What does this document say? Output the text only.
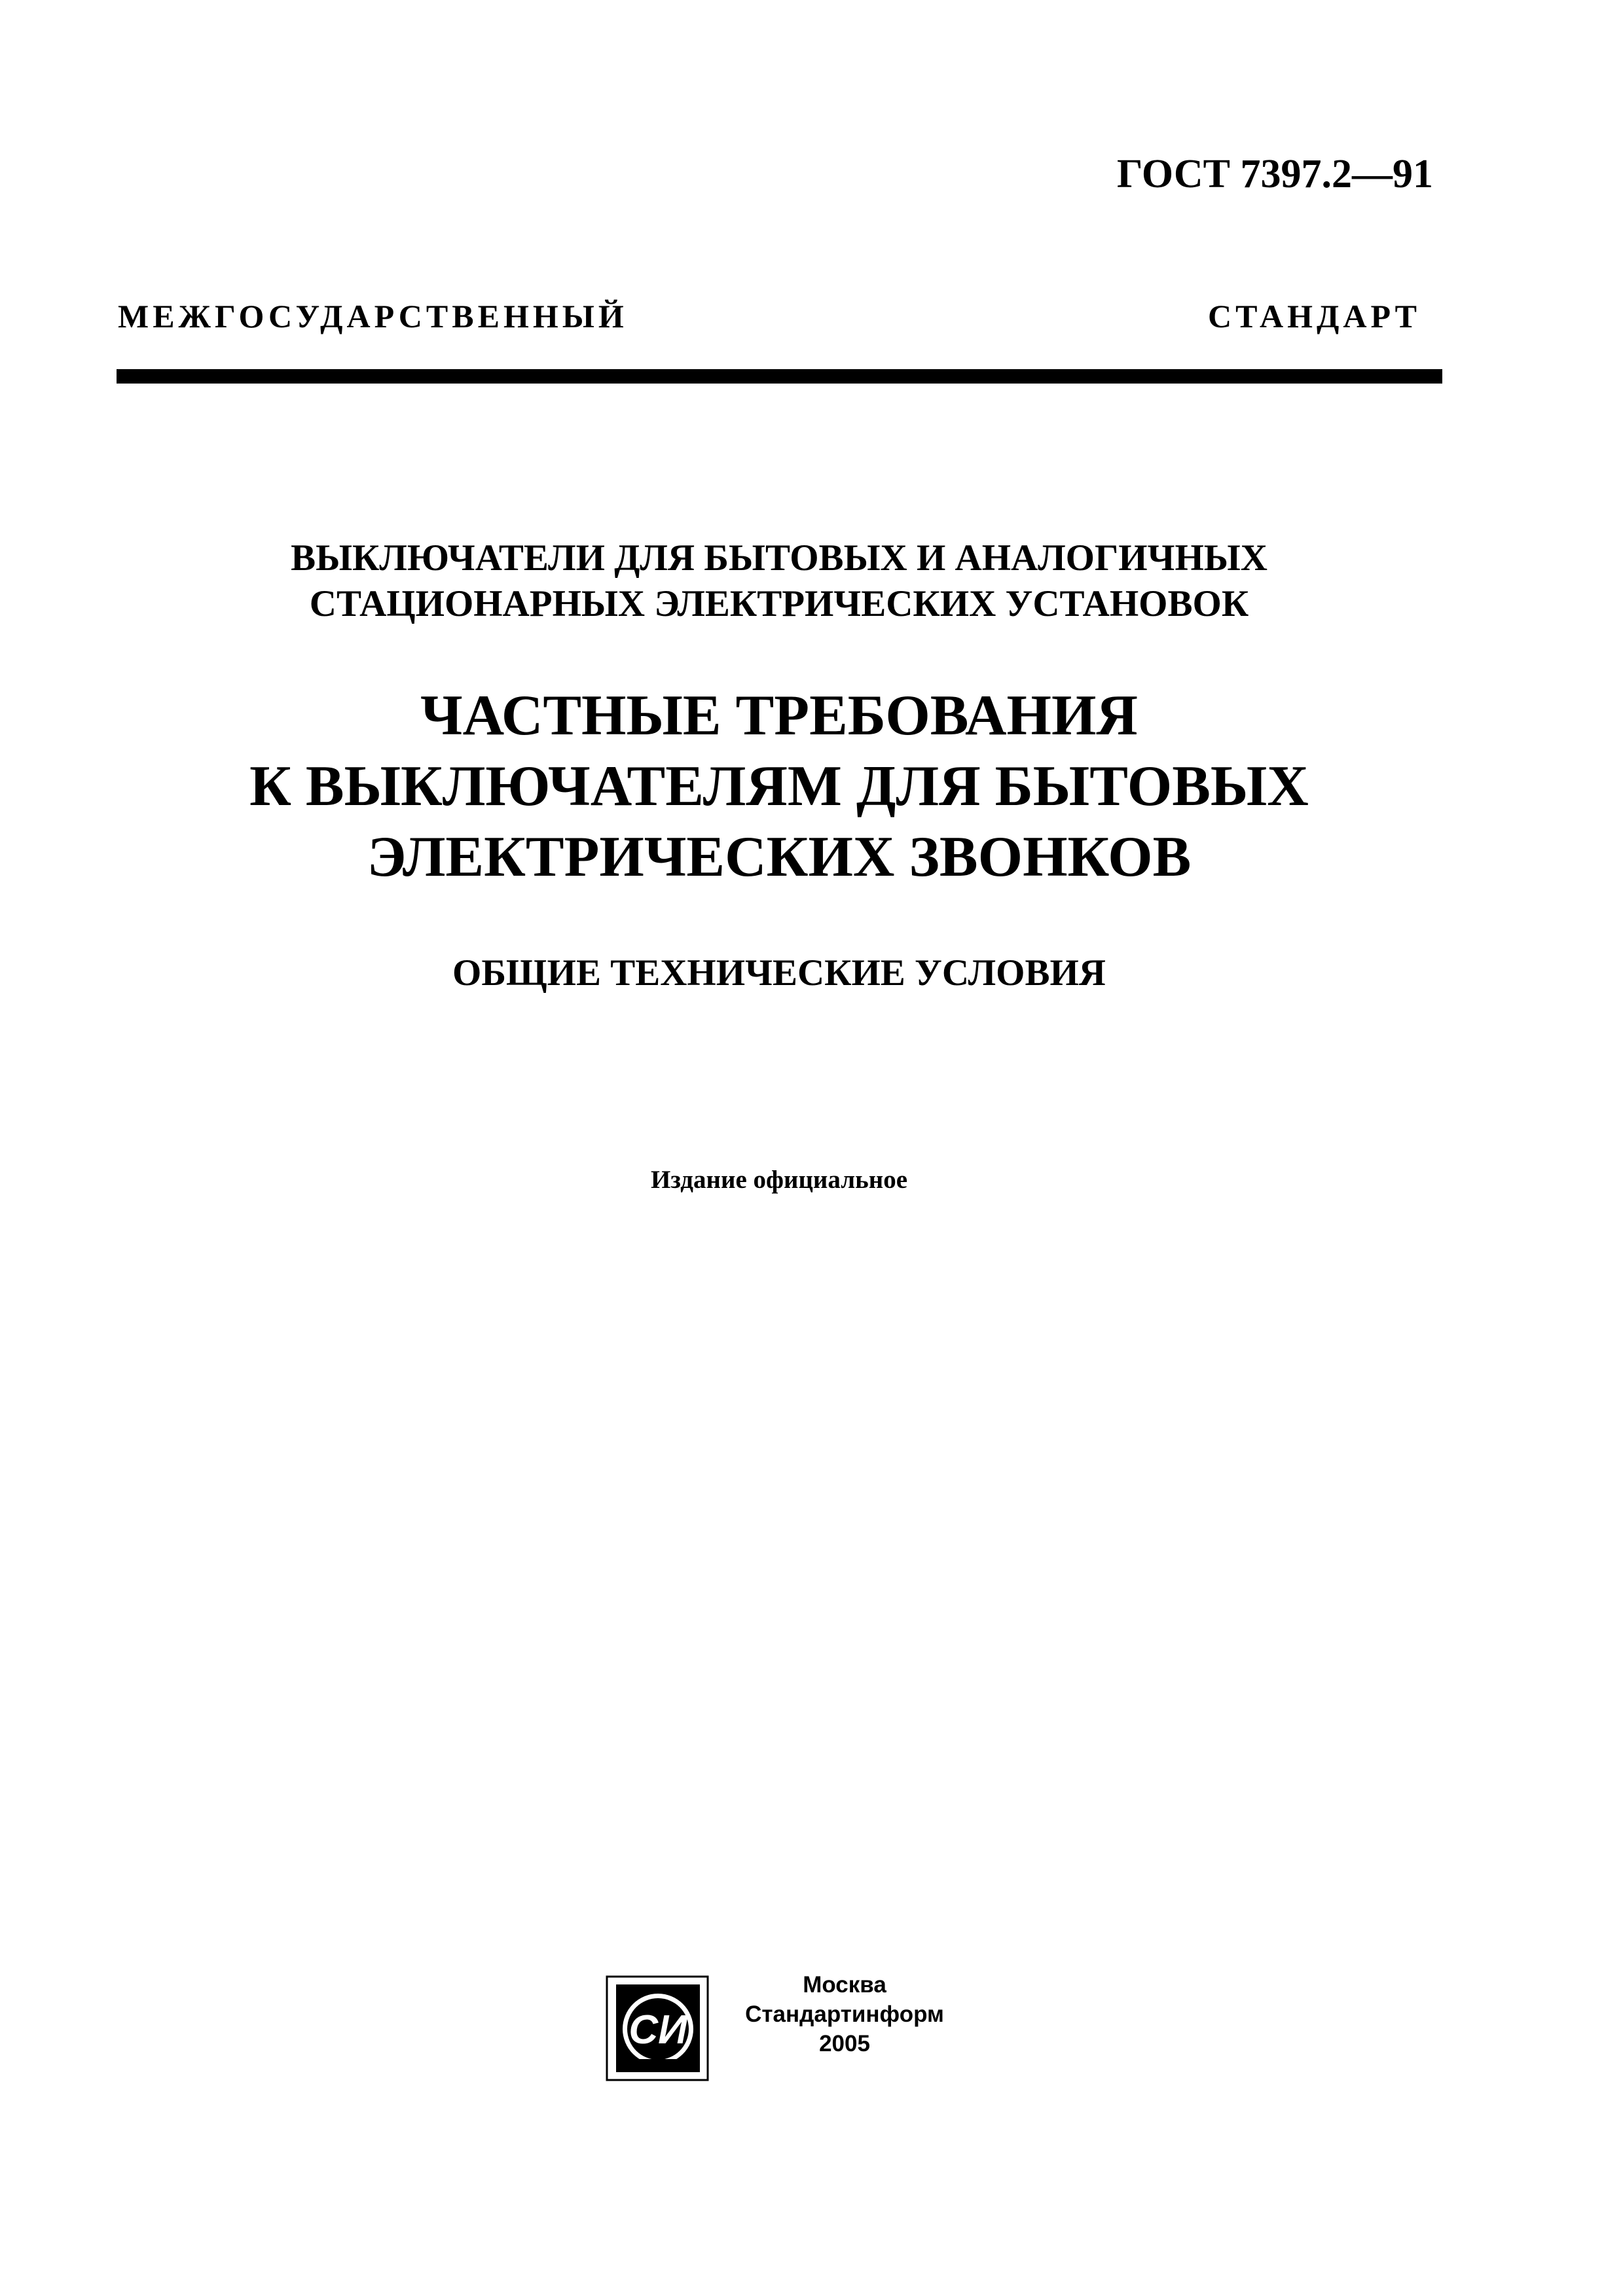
ГОСТ 7397.2—91
МЕЖГОСУДАРСТВЕННЫЙ СТАНДАРТ
ВЫКЛЮЧАТЕЛИ ДЛЯ БЫТОВЫХ И АНАЛОГИЧНЫХ
СТАЦИОНАРНЫХ ЭЛЕКТРИЧЕСКИХ УСТАНОВОК
ЧАСТНЫЕ ТРЕБОВАНИЯ
К ВЫКЛЮЧАТЕЛЯМ ДЛЯ БЫТОВЫХ
ЭЛЕКТРИЧЕСКИХ ЗВОНКОВ
ОБЩИЕ ТЕХНИЧЕСКИЕ УСЛОВИЯ
Издание официальное
СИ
Москва
Стандартинформ
2005
